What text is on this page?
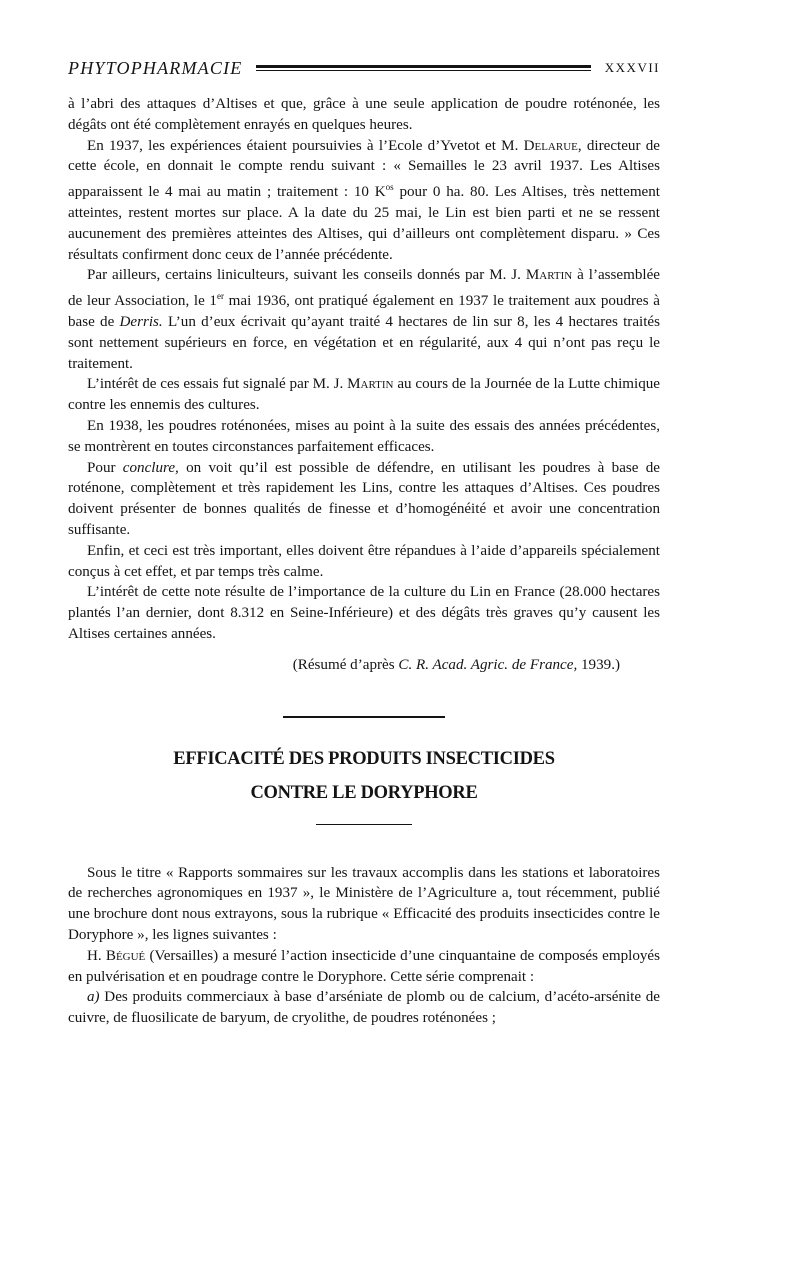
PHYTOPHARMACIE	XXXVII

à l’abri des attaques d’Altises et que, grâce à une seule application de poudre roténonée, les dégâts ont été complètement enrayés en quelques heures.

En 1937, les expériences étaient poursuivies à l’Ecole d’Yvetot et M. Delarue, directeur de cette école, en donnait le compte rendu suivant : « Semailles le 23 avril 1937. Les Altises apparaissent le 4 mai au matin ; traitement : 10 $K^{os}$ pour 0 ha. 80. Les Altises, très nettement atteintes, restent mortes sur place. A la date du 25 mai, le Lin est bien parti et ne se ressent aucunement des premières atteintes des Altises, qui d’ailleurs ont complètement disparu. » Ces résultats confirment donc ceux de l’année précédente.

Par ailleurs, certains liniculteurs, suivant les conseils donnés par M. J. Martin à l’assemblée de leur Association, le 1er mai 1936, ont pratiqué également en 1937 le traitement aux poudres à base de Derris. L’un d’eux écrivait qu’ayant traité 4 hectares de lin sur 8, les 4 hectares traités sont nettement supérieurs en force, en végétation et en régularité, aux 4 qui n’ont pas reçu le traitement.

L’intérêt de ces essais fut signalé par M. J. Martin au cours de la Journée de la Lutte chimique contre les ennemis des cultures.

En 1938, les poudres roténonées, mises au point à la suite des essais des années précédentes, se montrèrent en toutes circonstances parfaitement efficaces.

Pour conclure, on voit qu’il est possible de défendre, en utilisant les poudres à base de roténone, complètement et très rapidement les Lins, contre les attaques d’Altises. Ces poudres doivent présenter de bonnes qualités de finesse et d’homogénéité et avoir une concentration suffisante.

Enfin, et ceci est très important, elles doivent être répandues à l’aide d’appareils spécialement conçus à cet effet, et par temps très calme.

L’intérêt de cette note résulte de l’importance de la culture du Lin en France (28.000 hectares plantés l’an dernier, dont 8.312 en Seine-Inférieure) et des dégâts très graves qu’y causent les Altises certaines années.

(Résumé d’après C. R. Acad. Agric. de France, 1939.)

EFFICACITÉ DES PRODUITS INSECTICIDES
CONTRE LE DORYPHORE

Sous le titre « Rapports sommaires sur les travaux accomplis dans les stations et laboratoires de recherches agronomiques en 1937 », le Ministère de l’Agriculture a, tout récemment, publié une brochure dont nous extrayons, sous la rubrique « Efficacité des produits insecticides contre le Doryphore », les lignes suivantes :

H. Bégué (Versailles) a mesuré l’action insecticide d’une cinquantaine de composés employés en pulvérisation et en poudrage contre le Doryphore. Cette série comprenait :

a) Des produits commerciaux à base d’arséniate de plomb ou de calcium, d’acéto-arsénite de cuivre, de fluosilicate de baryum, de cryolithe, de poudres roténonées ;
